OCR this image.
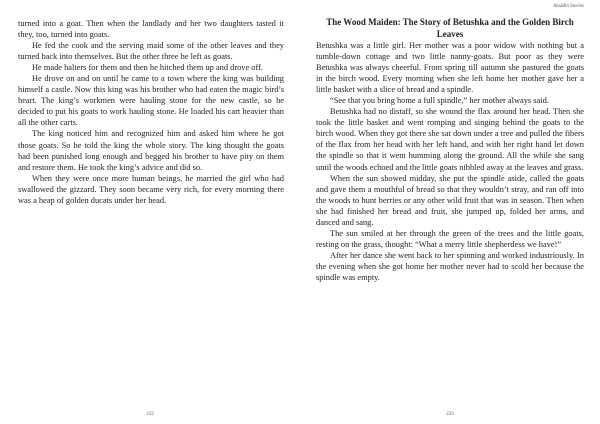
turned into a goat. Then when the landlady and her two daughters tasted it they, too, turned into goats.

He fed the cook and the serving maid some of the other leaves and they turned back into themselves. But the other three he left as goats.

He made halters for them and then he hitched them up and drove off.

He drove on and on until he came to a town where the king was building himself a castle. Now this king was his brother who had eaten the magic bird’s heart. The king’s workmen were hauling stone for the new castle, so he decided to put his goats to work hauling stone. He loaded his cart heavier than all the other carts.

The king noticed him and recognized him and asked him where he got those goats. So he told the king the whole story. The king thought the goats had been punished long enough and begged his brother to have pity on them and restore them. He took the king’s advice and did so.

When they were once more human beings, he married the girl who had swallowed the gizzard. They soon became very rich, for every morning there was a heap of golden ducats under her head.

232
Aladdin Stories
The Wood Maiden: The Story of Betushka and the Golden Birch Leaves

Betushka was a little girl. Her mother was a poor widow with nothing but a tumble-down cottage and two little nanny-goats. But poor as they were Betushka was always cheerful. From spring till autumn she pastured the goats in the birch wood. Every morning when she left home her mother gave her a little basket with a slice of bread and a spindle.

“See that you bring home a full spindle,” her mother always said.

Betushka had no distaff, so she wound the flax around her head. Then she took the little basket and went romping and singing behind the goats to the birch wood. When they got there she sat down under a tree and pulled the fibers of the flax from her head with her left hand, and with her right hand let down the spindle so that it went humming along the ground. All the while she sang until the woods echoed and the little goats nibbled away at the leaves and grass.

When the sun showed midday, she put the spindle aside, called the goats and gave them a mouthful of bread so that they wouldn’t stray, and ran off into the woods to hunt berries or any other wild fruit that was in season. Then when she had finished her bread and fruit, she jumped up, folded her arms, and danced and sang.

The sun smiled at her through the green of the trees and the little goats, resting on the grass, thought: “What a merry little shepherdess we have!”

After her dance she went back to her spinning and worked industriously. In the evening when she got home her mother never had to scold her because the spindle was empty.

233
